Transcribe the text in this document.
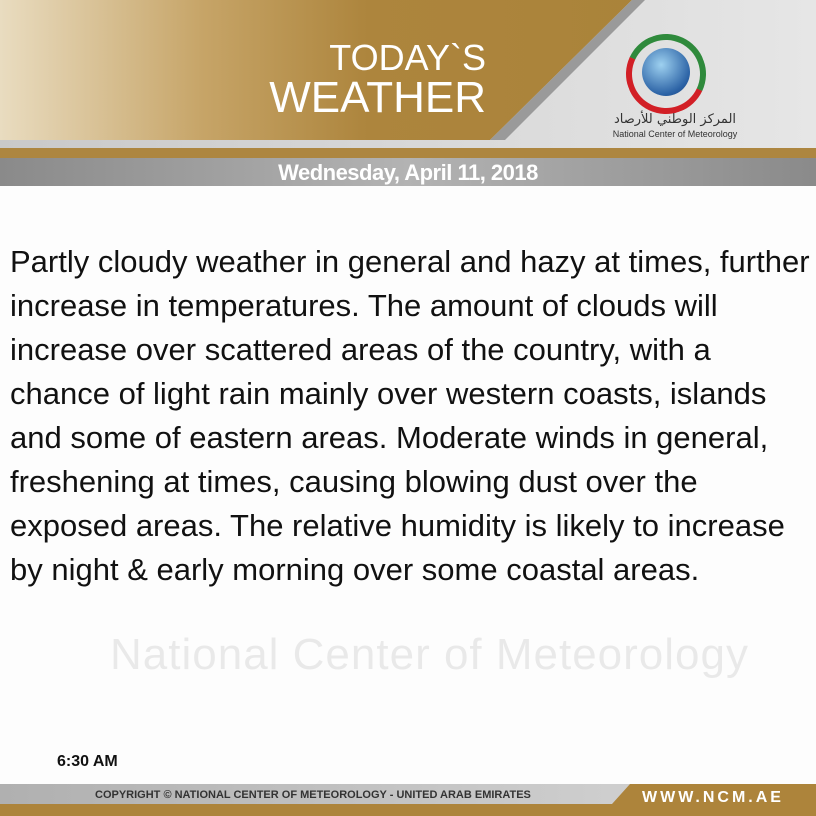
TODAY`S
WEATHER	المركز الوطني للأرصاد
National Center of Meteorology
Wednesday, April 11, 2018
National Center of Meteorology
Partly cloudy weather in general and hazy at times, further increase in temperatures. The amount of clouds will increase over scattered areas of the country, with a chance of light rain mainly over western coasts, islands and some of eastern areas. Moderate winds in general, freshening at times, causing blowing dust over the exposed areas. The relative humidity is likely to increase by night & early morning over some coastal areas.
6:30 AM
COPYRIGHT © NATIONAL CENTER OF METEOROLOGY - UNITED ARAB EMIRATES	WWW.NCM.AE
